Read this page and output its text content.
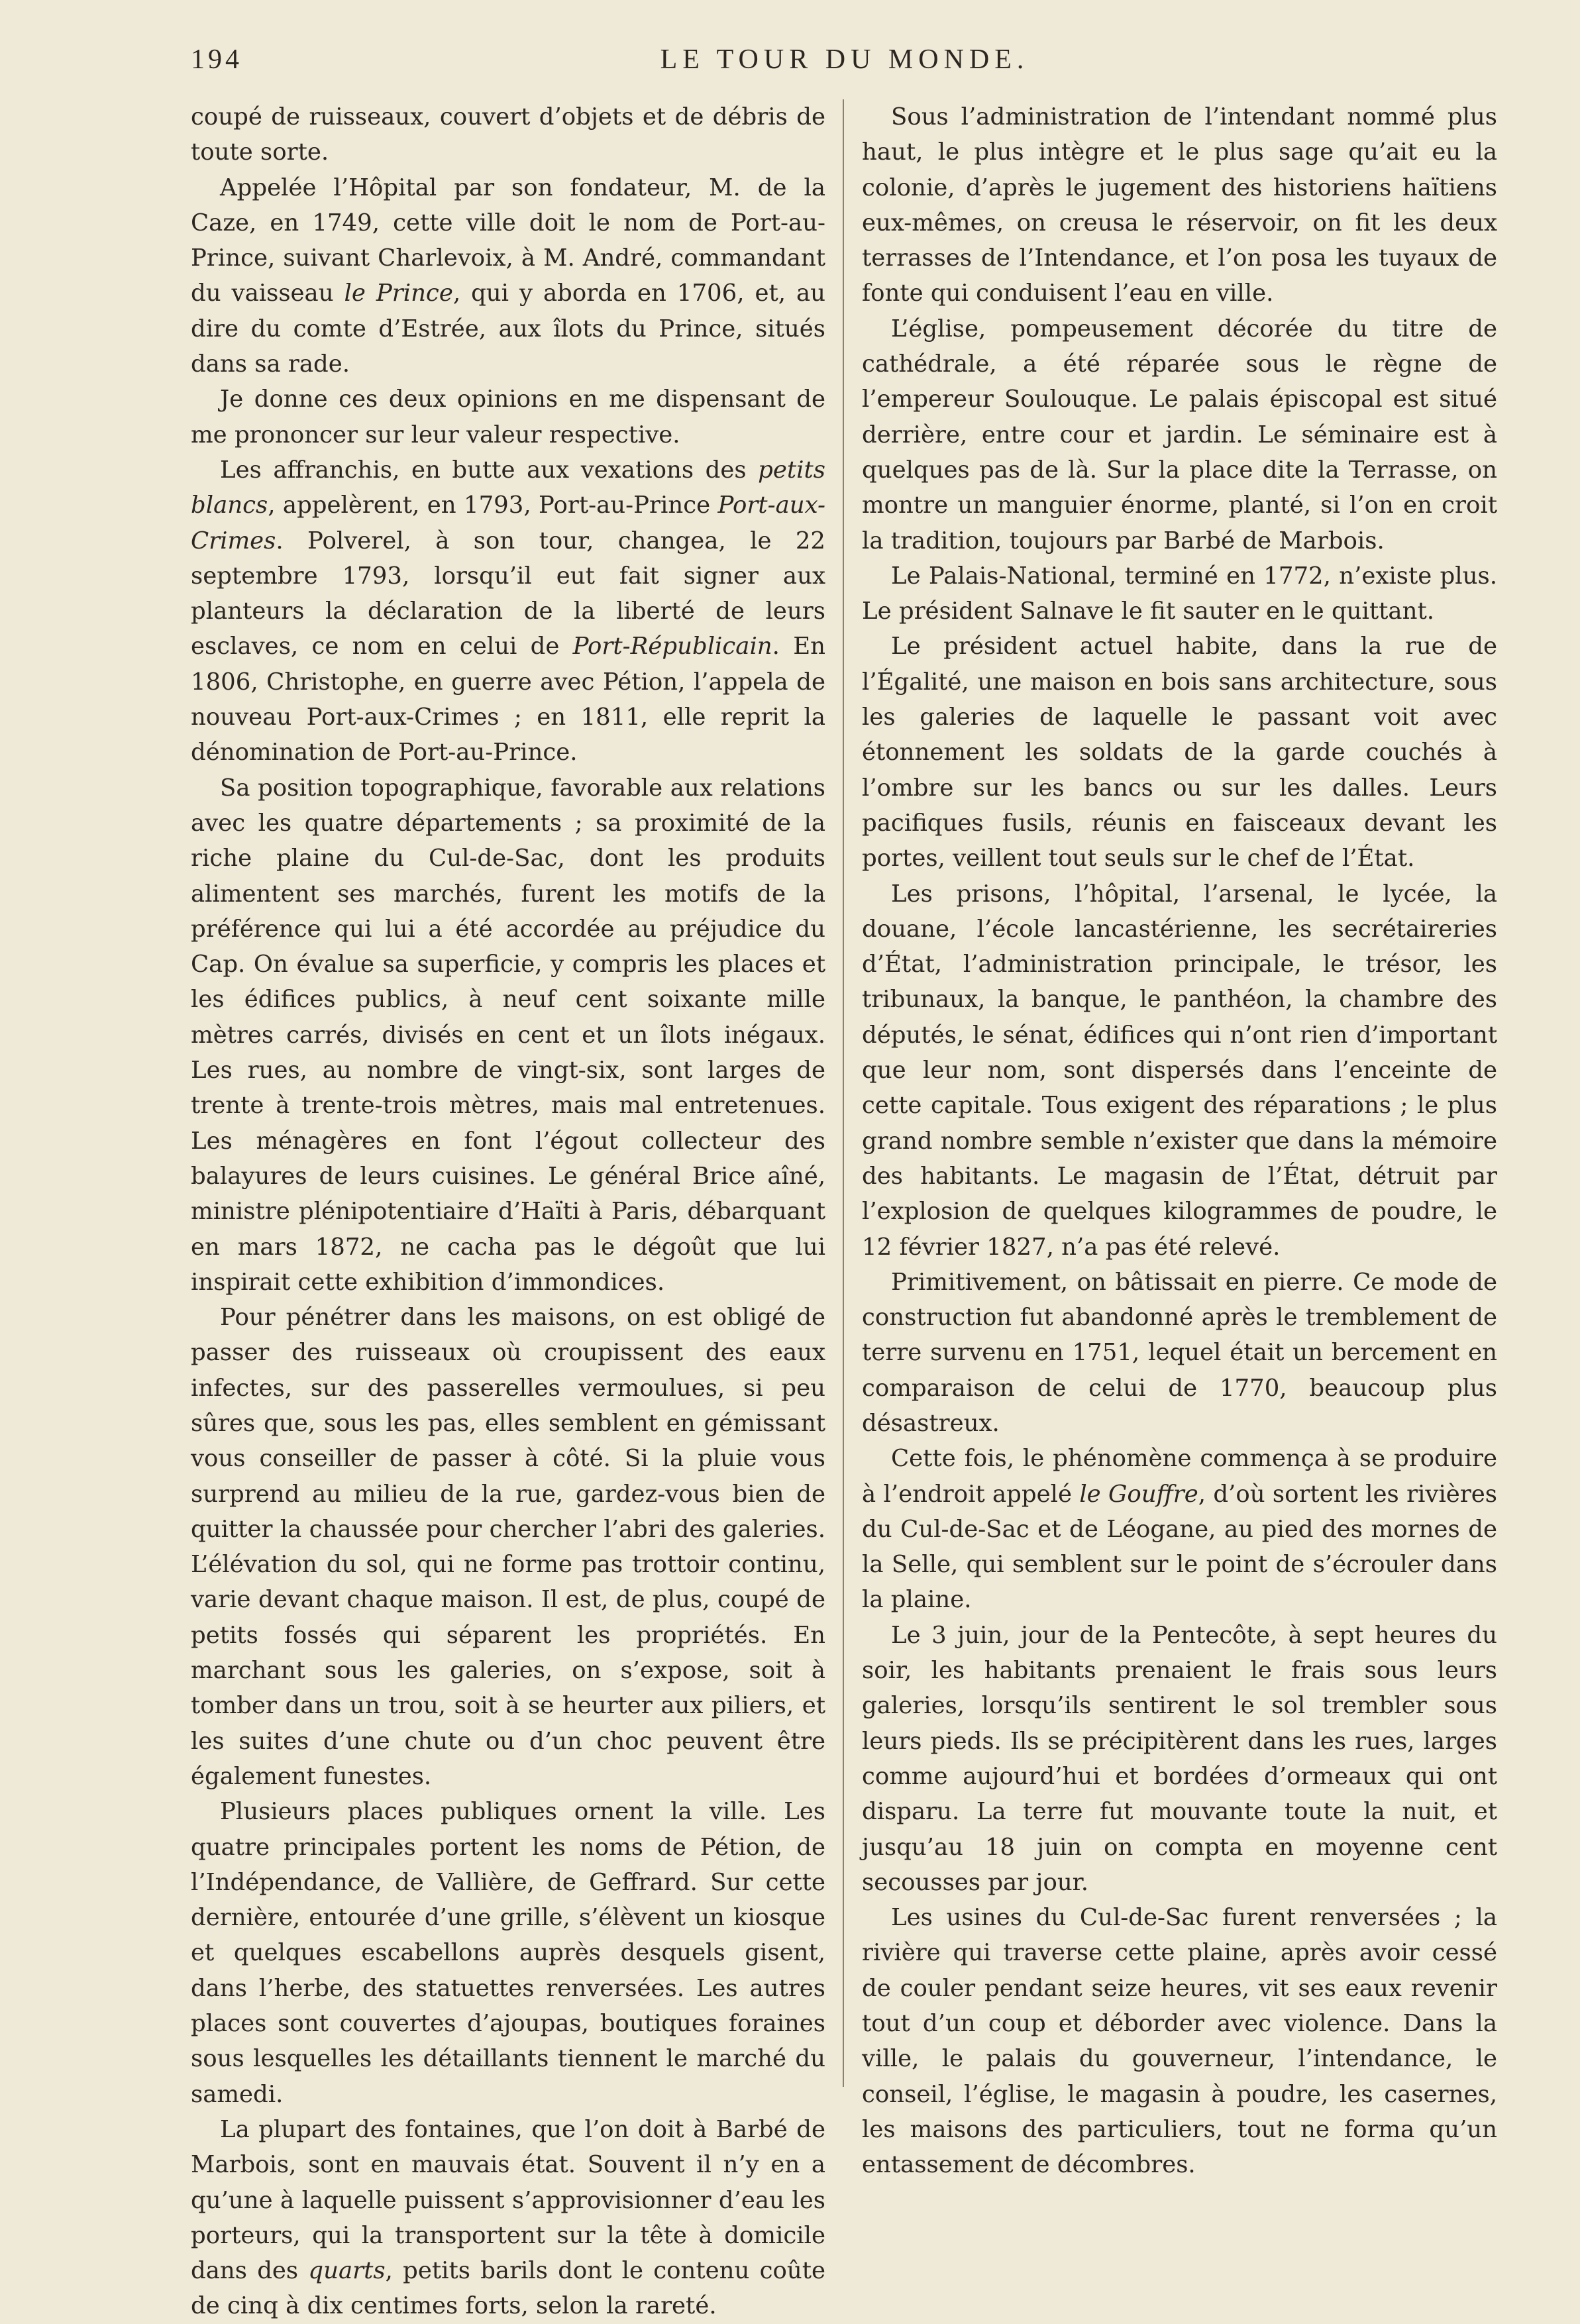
194	LE TOUR DU MONDE.

coupé de ruisseaux, couvert d’objets et de débris de toute sorte.

Appelée l’Hôpital par son fondateur, M. de la Caze, en 1749, cette ville doit le nom de Port-au-Prince, suivant Charlevoix, à M. André, commandant du vaisseau le Prince, qui y aborda en 1706, et, au dire du comte d’Estrée, aux îlots du Prince, situés dans sa rade.

Je donne ces deux opinions en me dispensant de me prononcer sur leur valeur respective.

Les affranchis, en butte aux vexations des petits blancs, appelèrent, en 1793, Port-au-Prince Port-aux-Crimes. Polverel, à son tour, changea, le 22 septembre 1793, lorsqu’il eut fait signer aux planteurs la déclaration de la liberté de leurs esclaves, ce nom en celui de Port-Républicain. En 1806, Christophe, en guerre avec Pétion, l’appela de nouveau Port-aux-Crimes ; en 1811, elle reprit la dénomination de Port-au-Prince.

Sa position topographique, favorable aux relations avec les quatre départements ; sa proximité de la riche plaine du Cul-de-Sac, dont les produits alimentent ses marchés, furent les motifs de la préférence qui lui a été accordée au préjudice du Cap. On évalue sa superficie, y compris les places et les édifices publics, à neuf cent soixante mille mètres carrés, divisés en cent et un îlots inégaux. Les rues, au nombre de vingt-six, sont larges de trente à trente-trois mètres, mais mal entretenues. Les ménagères en font l’égout collecteur des balayures de leurs cuisines. Le général Brice aîné, ministre plénipotentiaire d’Haïti à Paris, débarquant en mars 1872, ne cacha pas le dégoût que lui inspirait cette exhibition d’immondices.

Pour pénétrer dans les maisons, on est obligé de passer des ruisseaux où croupissent des eaux infectes, sur des passerelles vermoulues, si peu sûres que, sous les pas, elles semblent en gémissant vous conseiller de passer à côté. Si la pluie vous surprend au milieu de la rue, gardez-vous bien de quitter la chaussée pour chercher l’abri des galeries. L’élévation du sol, qui ne forme pas trottoir continu, varie devant chaque maison. Il est, de plus, coupé de petits fossés qui séparent les propriétés. En marchant sous les galeries, on s’expose, soit à tomber dans un trou, soit à se heurter aux piliers, et les suites d’une chute ou d’un choc peuvent être également funestes.

Plusieurs places publiques ornent la ville. Les quatre principales portent les noms de Pétion, de l’Indépendance, de Vallière, de Geffrard. Sur cette dernière, entourée d’une grille, s’élèvent un kiosque et quelques escabellons auprès desquels gisent, dans l’herbe, des statuettes renversées. Les autres places sont couvertes d’ajoupas, boutiques foraines sous lesquelles les détaillants tiennent le marché du samedi.

La plupart des fontaines, que l’on doit à Barbé de Marbois, sont en mauvais état. Souvent il n’y en a qu’une à laquelle puissent s’approvisionner d’eau les porteurs, qui la transportent sur la tête à domicile dans des quarts, petits barils dont le contenu coûte de cinq à dix centimes forts, selon la rareté.

Sous l’administration de l’intendant nommé plus haut, le plus intègre et le plus sage qu’ait eu la colonie, d’après le jugement des historiens haïtiens eux-mêmes, on creusa le réservoir, on fit les deux terrasses de l’Intendance, et l’on posa les tuyaux de fonte qui conduisent l’eau en ville.

L’église, pompeusement décorée du titre de cathédrale, a été réparée sous le règne de l’empereur Soulouque. Le palais épiscopal est situé derrière, entre cour et jardin. Le séminaire est à quelques pas de là. Sur la place dite la Terrasse, on montre un manguier énorme, planté, si l’on en croit la tradition, toujours par Barbé de Marbois.

Le Palais-National, terminé en 1772, n’existe plus. Le président Salnave le fit sauter en le quittant.

Le président actuel habite, dans la rue de l’Égalité, une maison en bois sans architecture, sous les galeries de laquelle le passant voit avec étonnement les soldats de la garde couchés à l’ombre sur les bancs ou sur les dalles. Leurs pacifiques fusils, réunis en faisceaux devant les portes, veillent tout seuls sur le chef de l’État.

Les prisons, l’hôpital, l’arsenal, le lycée, la douane, l’école lancastérienne, les secrétaireries d’État, l’administration principale, le trésor, les tribunaux, la banque, le panthéon, la chambre des députés, le sénat, édifices qui n’ont rien d’important que leur nom, sont dispersés dans l’enceinte de cette capitale. Tous exigent des réparations ; le plus grand nombre semble n’exister que dans la mémoire des habitants. Le magasin de l’État, détruit par l’explosion de quelques kilogrammes de poudre, le 12 février 1827, n’a pas été relevé.

Primitivement, on bâtissait en pierre. Ce mode de construction fut abandonné après le tremblement de terre survenu en 1751, lequel était un bercement en comparaison de celui de 1770, beaucoup plus désastreux.

Cette fois, le phénomène commença à se produire à l’endroit appelé le Gouffre, d’où sortent les rivières du Cul-de-Sac et de Léogane, au pied des mornes de la Selle, qui semblent sur le point de s’écrouler dans la plaine.

Le 3 juin, jour de la Pentecôte, à sept heures du soir, les habitants prenaient le frais sous leurs galeries, lorsqu’ils sentirent le sol trembler sous leurs pieds. Ils se précipitèrent dans les rues, larges comme aujourd’hui et bordées d’ormeaux qui ont disparu. La terre fut mouvante toute la nuit, et jusqu’au 18 juin on compta en moyenne cent secousses par jour.

Les usines du Cul-de-Sac furent renversées ; la rivière qui traverse cette plaine, après avoir cessé de couler pendant seize heures, vit ses eaux revenir tout d’un coup et déborder avec violence. Dans la ville, le palais du gouverneur, l’intendance, le conseil, l’église, le magasin à poudre, les casernes, les maisons des particuliers, tout ne forma qu’un entassement de décombres.
